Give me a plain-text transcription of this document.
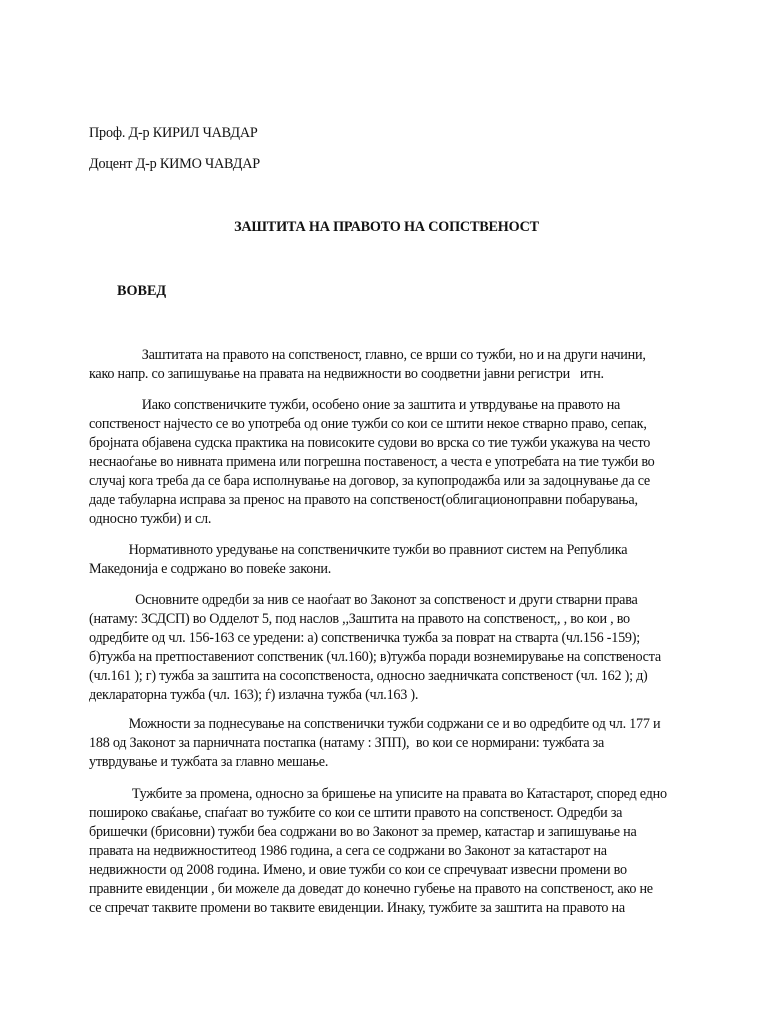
Проф. Д-р КИРИЛ ЧАВДАР
Доцент Д-р КИМО ЧАВДАР
ЗАШТИТА НА ПРАВОТО НА СОПСТВЕНОСТ
ВОВЕД
Заштитата на правото на сопственост, главно, се врши со тужби, но и на други начини,
како напр. со запишување на правата на недвижности во соодветни јавни регистри   итн.
Иако сопственичките тужби, особено оние за заштита и утврдување на правото на
сопственост најчесто се во употреба од оние тужби со кои се штити некое стварно право, сепак,
бројната објавена судска практика на повисоките судови во врска со тие тужби укажува на често
неснаоѓање во нивната примена или погрешна поставеност, а честа е употребата на тие тужби во
случај кога треба да се бара исполнување на договор, за купопродажба или за задоцнување да се
даде табуларна исправа за пренос на правото на сопственост(облигационоправни побарувања,
односно тужби) и сл.
Нормативното уредување на сопственичките тужби во правниот систем на Република
Македонија е содржано во повеќе закони.
Основните одредби за нив се наоѓаат во Законот за сопственост и други стварни права
(натаму: ЗСДСП) во Одделот 5, под наслов ,,Заштита на правото на сопственост,, , во кои , во
одредбите од чл. 156-163 се уредени: а) сопственичка тужба за поврат на стварта (чл.156 -159);
б)тужба на претпоставениот сопственик (чл.160); в)тужба поради вознемирување на сопственоста
(чл.161 ); г) тужба за заштита на сосопственоста, односно заедничката сопственост (чл. 162 ); д)
деклараторна тужба (чл. 163); ѓ) излачна тужба (чл.163 ).
Можности за поднесување на сопственички тужби содржани се и во одредбите од чл. 177 и
188 од Законот за парничната постапка (натаму : ЗПП),  во кои се нормирани: тужбата за
утврдување и тужбата за главно мешање.
Тужбите за промена, односно за бришење на уписите на правата во Катастарот, според едно
пошироко сваќање, спаѓаат во тужбите со кои се штити правото на сопственост. Одредби за
бришечки (брисовни) тужби беа содржани во во Законот за премер, катастар и запишување на
правата на недвижноститеод 1986 година, а сега се содржани во Законот за катастарот на
недвижности од 2008 година. Имено, и овие тужби со кои се спречуваат извесни промени во
правните евиденции , би можеле да доведат до конечно губење на правото на сопственост, ако не
се спречат таквите промени во таквите евиденции. Инаку, тужбите за заштита на правото на
